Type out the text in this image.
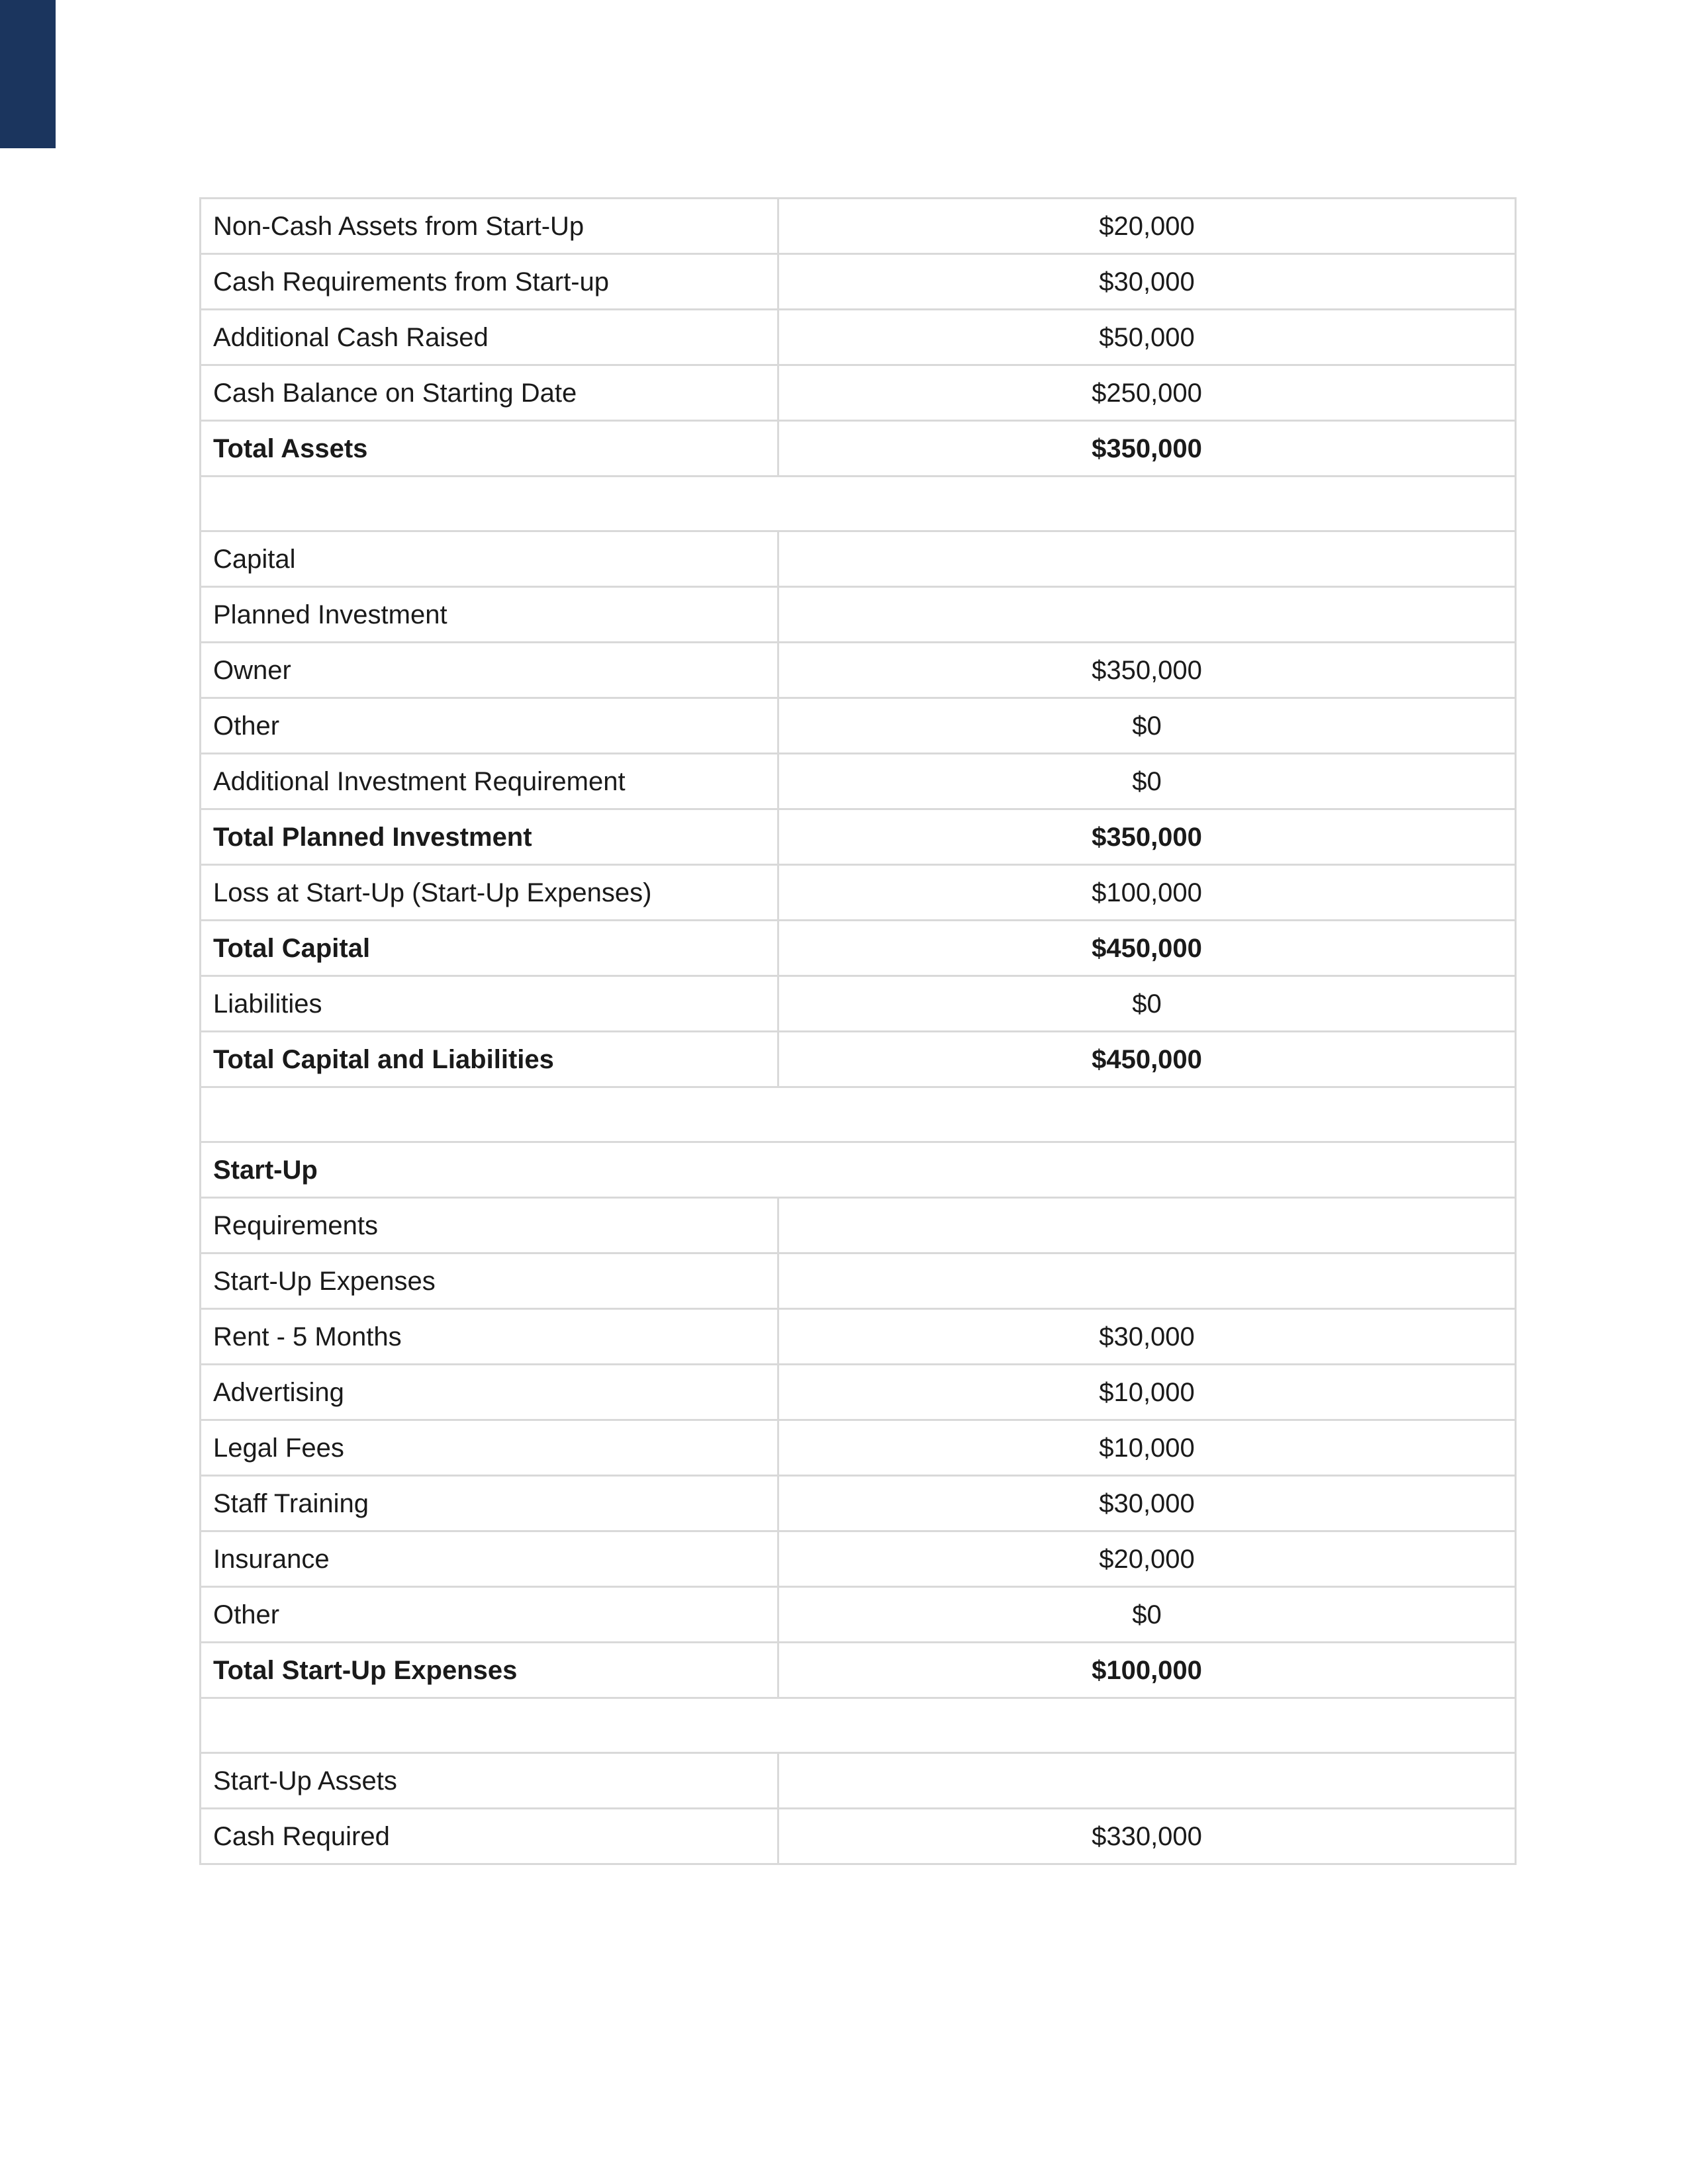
Non-Cash Assets from Start-Up	$20,000
Cash Requirements from Start-up	$30,000
Additional Cash Raised	$50,000
Cash Balance on Starting Date	$250,000
Total Assets	$350,000

Capital	
Planned Investment	
Owner	$350,000
Other	$0
Additional Investment Requirement	$0
Total Planned Investment	$350,000
Loss at Start-Up (Start-Up Expenses)	$100,000
Total Capital	$450,000
Liabilities	$0
Total Capital and Liabilities	$450,000

Start-Up	
Requirements	
Start-Up Expenses	
Rent - 5 Months	$30,000
Advertising	$10,000
Legal Fees	$10,000
Staff Training	$30,000
Insurance	$20,000
Other	$0
Total Start-Up Expenses	$100,000

Start-Up Assets	
Cash Required	$330,000
